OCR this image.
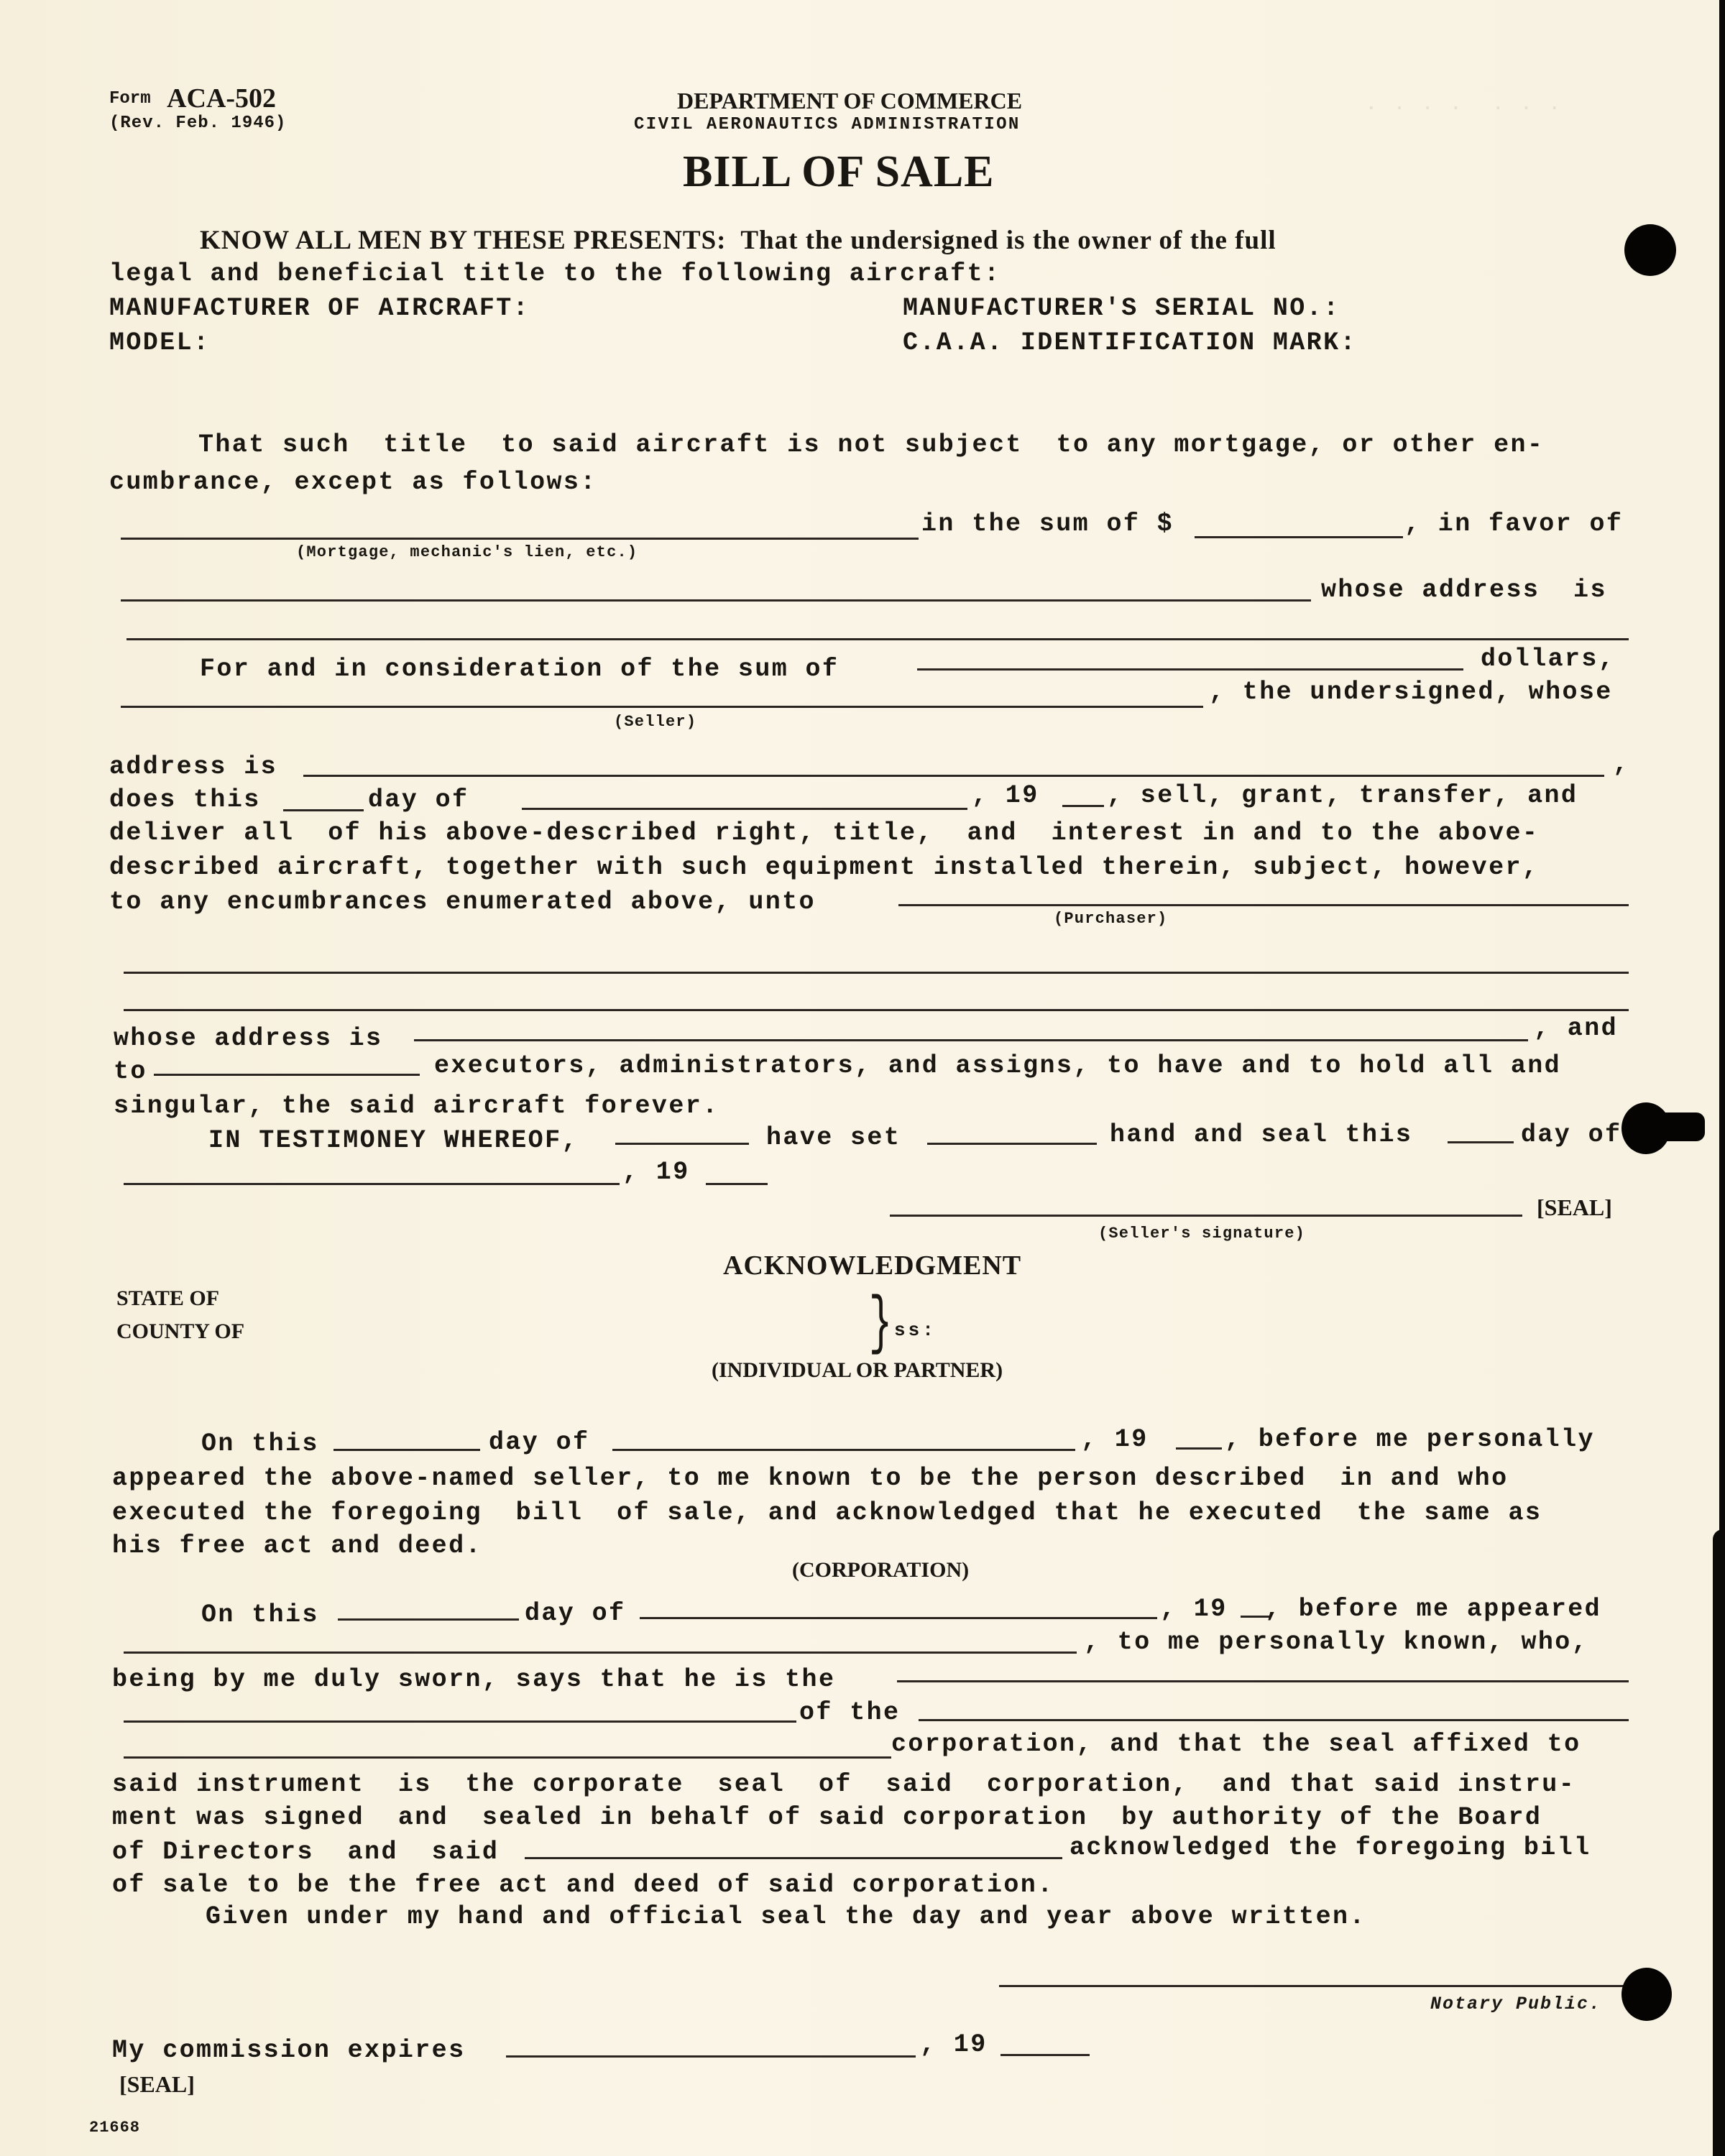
. . . .  . . .
Form ACA-502
(Rev. Feb. 1946)
DEPARTMENT OF COMMERCE
CIVIL AERONAUTICS ADMINISTRATION
BILL OF SALE
KNOW ALL MEN BY THESE PRESENTS:  That the undersigned is the owner of the full
legal and beneficial title to the following aircraft:
MANUFACTURER OF AIRCRAFT:	MANUFACTURER'S SERIAL NO.:
MODEL:	C.A.A. IDENTIFICATION MARK:
That such  title  to said aircraft is not subject  to any mortgage, or other en-
cumbrance, except as follows:
in the sum of $	, in favor of
(Mortgage, mechanic's lien, etc.)
whose address  is
For and in consideration of the sum of	dollars,
, the undersigned, whose
(Seller)
address is	,
does this	day of	, 19	, sell, grant, transfer, and
deliver all  of his above-described right, title,  and  interest in and to the above-
described aircraft, together with such equipment installed therein, subject, however,
to any encumbrances enumerated above, unto
(Purchaser)
whose address is	, and
to	executors, administrators, and assigns, to have and to hold all and
singular, the said aircraft forever.
IN TESTIMONEY WHEREOF,	have set	hand and seal this	day of
, 19
[SEAL]
(Seller's signature)
ACKNOWLEDGMENT
STATE OF
COUNTY OF	} ss:
(INDIVIDUAL OR PARTNER)
On this	day of	, 19	, before me personally
appeared the above-named seller, to me known to be the person described  in and who
executed the foregoing  bill  of sale, and acknowledged that he executed  the same as
his free act and deed.
(CORPORATION)
On this	day of	, 19 , before me appeared
, to me personally known, who,
being by me duly sworn, says that he is the
of the
corporation, and that the seal affixed to
said instrument  is  the corporate  seal  of  said  corporation,  and that said instru-
ment was signed  and  sealed in behalf of said corporation  by authority of the Board
of Directors  and  said	acknowledged the foregoing bill
of sale to be the free act and deed of said corporation.
Given under my hand and official seal the day and year above written.
Notary Public.
My commission expires	, 19
[SEAL]
21668
